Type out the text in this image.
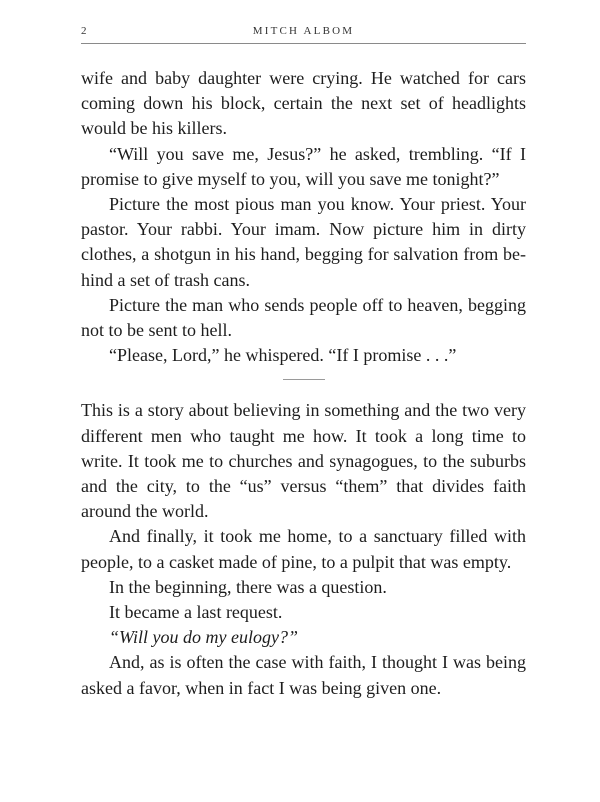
2	MITCH ALBOM

wife and baby daughter were crying. He watched for cars coming down his block, certain the next set of headlights would be his killers.

“Will you save me, Jesus?” he asked, trembling. “If I promise to give myself to you, will you save me tonight?”

Picture the most pious man you know. Your priest. Your pastor. Your rabbi. Your imam. Now picture him in dirty clothes, a shotgun in his hand, begging for salvation from behind a set of trash cans.

Picture the man who sends people off to heaven, begging not to be sent to hell.

“Please, Lord,” he whispered. “If I promise . . .”

This is a story about believing in something and the two very different men who taught me how. It took a long time to write. It took me to churches and synagogues, to the suburbs and the city, to the “us” versus “them” that divides faith around the world.

And finally, it took me home, to a sanctuary filled with people, to a casket made of pine, to a pulpit that was empty.

In the beginning, there was a question.

It became a last request.

“Will you do my eulogy?”

And, as is often the case with faith, I thought I was being asked a favor, when in fact I was being given one.
